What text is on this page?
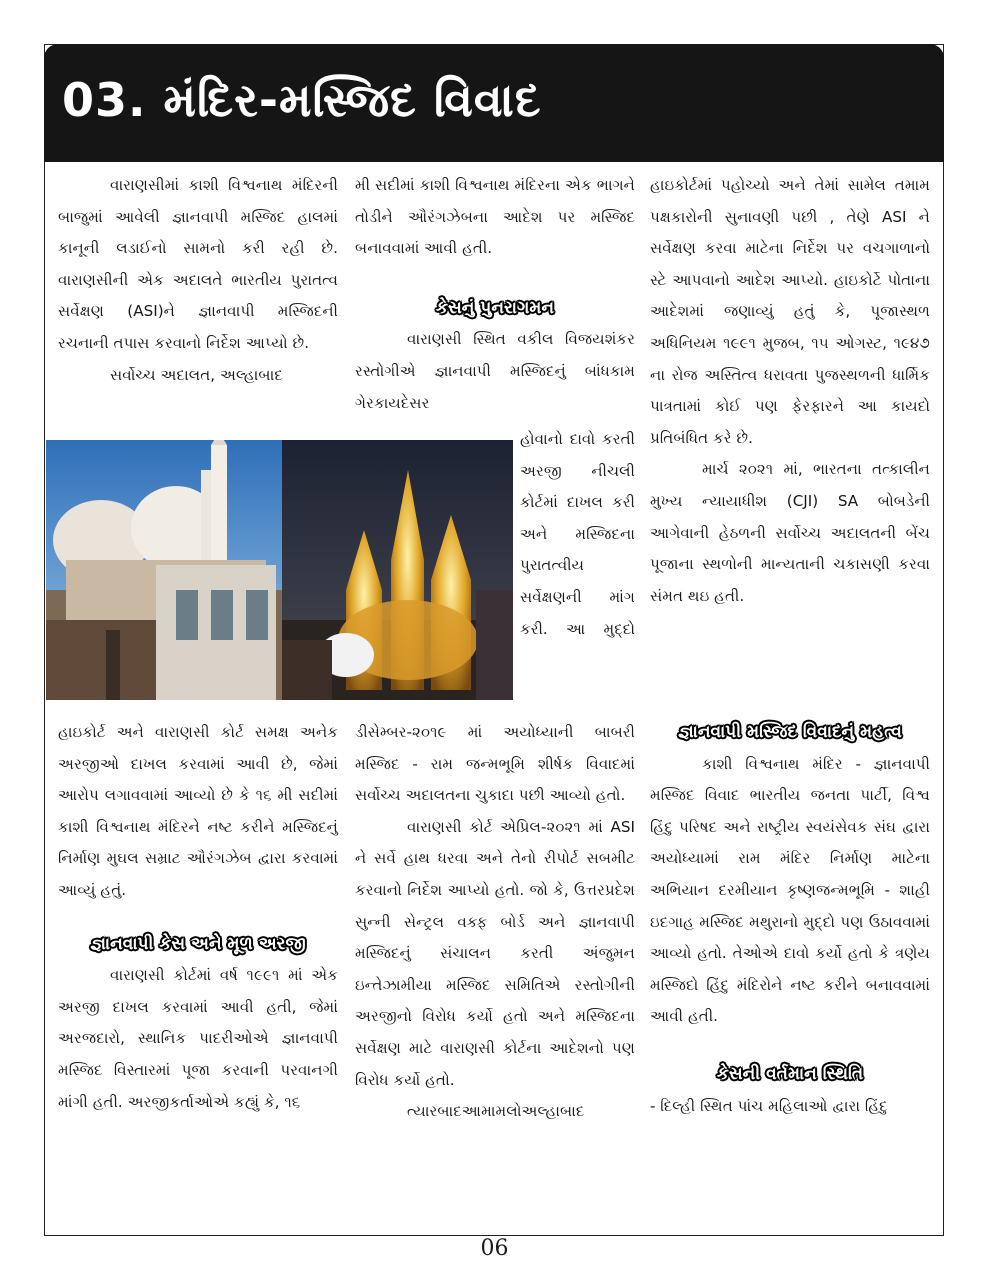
03. મંદિર-મસ્જિદ વિવાદ

વારાણસીમાં કાશી વિશ્વનાથ મંદિરની બાજુમાં આવેલી જ્ઞાનવાપી મસ્જિદ હાલમાં કાનૂની લડાઈનો સામનો કરી રહી છે. વારાણસીની એક અદાલતે ભારતીય પુરાતત્વ સર્વેક્ષણ (ASI)ને જ્ઞાનવાપી મસ્જિદની રચનાની તપાસ કરવાનો નિર્દેશ આપ્યો છે.

સર્વોચ્ચ અદાલત, અલ્હાબાદ

મી સદીમાં કાશી વિશ્વનાથ મંદિરના એક ભાગને તોડીને ઔરંગઝેબના આદેશ પર મસ્જિદ બનાવવામાં આવી હતી.

કેસનું પુનરાગમન

વારાણસી સ્થિત વકીલ વિજયશંકર રસ્તોગીએ જ્ઞાનવાપી મસ્જિદનું બાંધકામ ગેરકાયદેસર

હોવાનો દાવો કરતી અરજી નીચલી કોર્ટમાં દાખલ કરી અને મસ્જિદના પુરાતત્વીય સર્વેક્ષણની માંગ કરી. આ મુદ્દો

હાઇકોર્ટમાં પહોચ્યો અને તેમાં સામેલ તમામ પક્ષકારોની સુનાવણી પછી , તેણે ASI ને સર્વેક્ષણ કરવા માટેના નિર્દેશ પર વચગાળાનો સ્ટે આપવાનો આદેશ આપ્યો. હાઇકોર્ટે પોતાના આદેશમાં જણાવ્યું હતું કે, પૂજાસ્થળ અધિનિયમ ૧૯૯૧ મુજબ, ૧૫ ઓગસ્ટ, ૧૯૪૭ ના રોજ અસ્તિત્વ ધરાવતા પુજસ્થળની ધાર્મિક પાત્રતામાં કોઈ પણ ફેરફારને આ કાયદો પ્રતિબંધિત કરે છે.

માર્ચ ૨૦૨૧ માં, ભારતના તત્કાલીન મુખ્ય ન્યાયાધીશ (CJI) SA બોબડેની આગેવાની હેઠળની સર્વોચ્ચ અદાલતની બેંચ પૂજાના સ્થળોની માન્યતાની ચકાસણી કરવા સંમત થઇ હતી.

હાઇકોર્ટ અને વારાણસી કોર્ટ સમક્ષ અનેક અરજીઓ દાખલ કરવામાં આવી છે, જેમાં આરોપ લગાવવામાં આવ્યો છે કે ૧૬ મી સદીમાં કાશી વિશ્વનાથ મંદિરને નષ્ટ કરીને મસ્જિદનું નિર્માણ મુઘલ સમ્રાટ ઔરંગઝેબ દ્વારા કરવામાં આવ્યું હતું.

જ્ઞાનવાપી કેસ અને મૂળ અરજી

વારાણસી કોર્ટમાં વર્ષ ૧૯૯૧ માં એક અરજી દાખલ કરવામાં આવી હતી, જેમાં અરજદારો, સ્થાનિક પાદરીઓએ જ્ઞાનવાપી મસ્જિદ વિસ્તારમાં પૂજા કરવાની પરવાનગી માંગી હતી. અરજીકર્તાઓએ કહ્યું કે, ૧૬

ડીસેમ્બર-૨૦૧૯ માં અયોધ્યાની બાબરી મસ્જિદ - રામ જન્મભૂમિ શીર્ષક વિવાદમાં સર્વોચ્ચ અદાલતના ચુકાદા પછી આવ્યો હતો.

વારાણસી કોર્ટ એપ્રિલ-૨૦૨૧ માં ASI ને સર્વે હાથ ધરવા અને તેનો રીપોર્ટ સબમીટ કરવાનો નિર્દેશ આપ્યો હતો. જો કે, ઉત્તરપ્રદેશ સુન્ની સેન્ટ્રલ વક્ફ બોર્ડ અને જ્ઞાનવાપી મસ્જિદનું સંચાલન કરતી અંજુમન ઇન્તેઝામીયા મસ્જિદ સમિતિએ રસ્તોગીની અરજીનો વિરોધ કર્યો હતો અને મસ્જિદના સર્વેક્ષણ માટે વારાણસી કોર્ટના આદેશનો પણ વિરોધ કર્યો હતો.

ત્યારબાદઆમામલોઅલ્હાબાદ

જ્ઞાનવાપી મસ્જિદ વિવાદનું મહત્વ

કાશી વિશ્વનાથ મંદિર - જ્ઞાનવાપી મસ્જિદ વિવાદ ભારતીય જનતા પાર્ટી, વિશ્વ હિંદુ પરિષદ અને રાષ્ટ્રીય સ્વયંસેવક સંઘ દ્વારા અયોધ્યામાં રામ મંદિર નિર્માણ માટેના અભિયાન દરમીયાન કૃષ્ણજન્મભૂમિ - શાહી ઇદગાહ મસ્જિદ મથુરાનો મુદ્દો પણ ઉઠાવવામાં આવ્યો હતો. તેઓએ દાવો કર્યો હતો કે ત્રણેય મસ્જિદો હિંદુ મંદિરોને નષ્ટ કરીને બનાવવામાં આવી હતી.

કેસની વર્તમાન સ્થિતિ

- દિલ્હી સ્થિત પાંચ મહિલાઓ દ્વારા હિંદુ

06
